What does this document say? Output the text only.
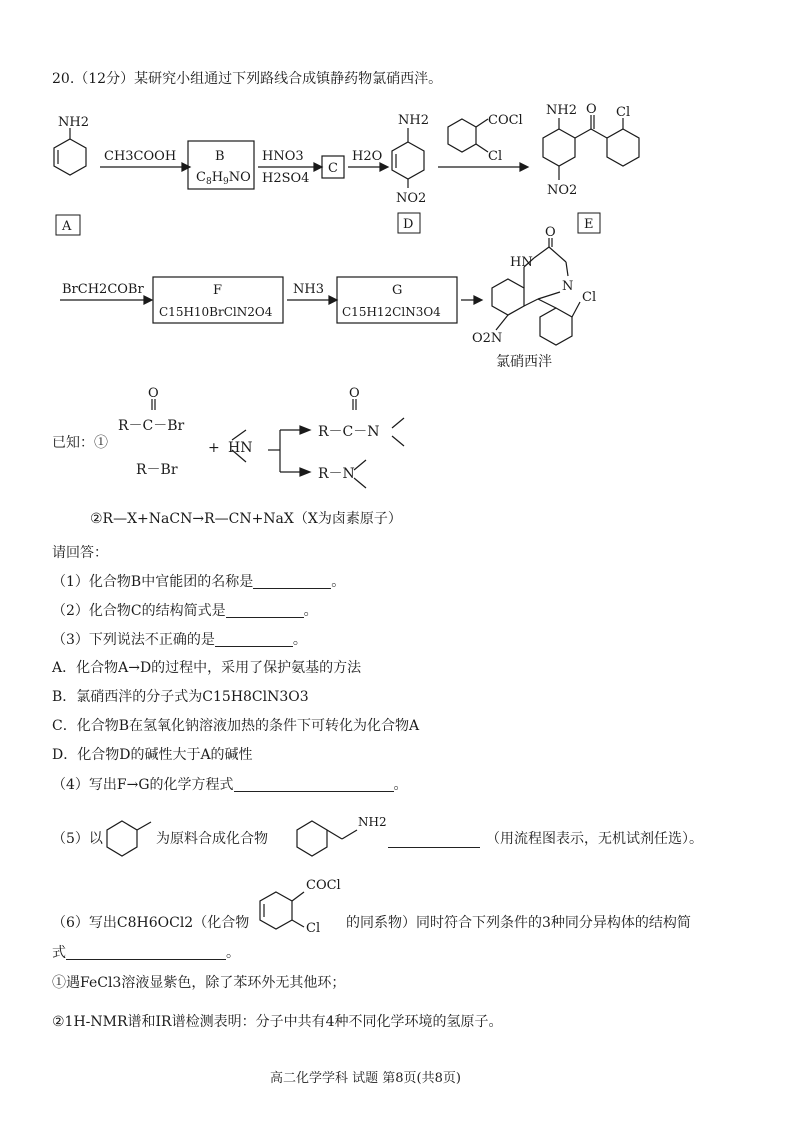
20.（12分）某研究小组通过下列路线合成镇静药物氯硝西泮。
NH2
A
CH3COOH	B
$C_8H_9NO$
HNO3
H2SO4
C
H2O
NH2
NO2
D
COCl
Cl
NH2 O Cl
NO2
E
BrCH2COBr	F
C15H10BrClN2O4
NH3	G
C15H12ClN3O4
HN
O
N
Cl
O2N
氯硝西泮
已知：①
O
R－C－Br
R－Br
+ HN
O
R－C－N
R－N
NH2
COCl
Cl
②R—X+NaCN→R—CN+NaX（X为卤素原子）
请回答：
（1）化合物B中官能团的名称是	。
（2）化合物C的结构简式是	。
（3）下列说法不正确的是	。
A．化合物A→D的过程中，采用了保护氨基的方法
B．氯硝西泮的分子式为C15H8ClN3O3
C．化合物B在氢氧化钠溶液加热的条件下可转化为化合物A
D．化合物D的碱性大于A的碱性
（4）写出F→G的化学方程式	。
（5）以	为原料合成化合物	（用流程图表示，无机试剂任选）。
（6）写出C8H6OCl2（化合物	的同系物）同时符合下列条件的3种同分异构体的结构简
式	。
①遇FeCl3溶液显紫色，除了苯环外无其他环；
②1H-NMR谱和IR谱检测表明：分子中共有4种不同化学环境的氢原子。
高二化学学科 试题 第8页(共8页)
